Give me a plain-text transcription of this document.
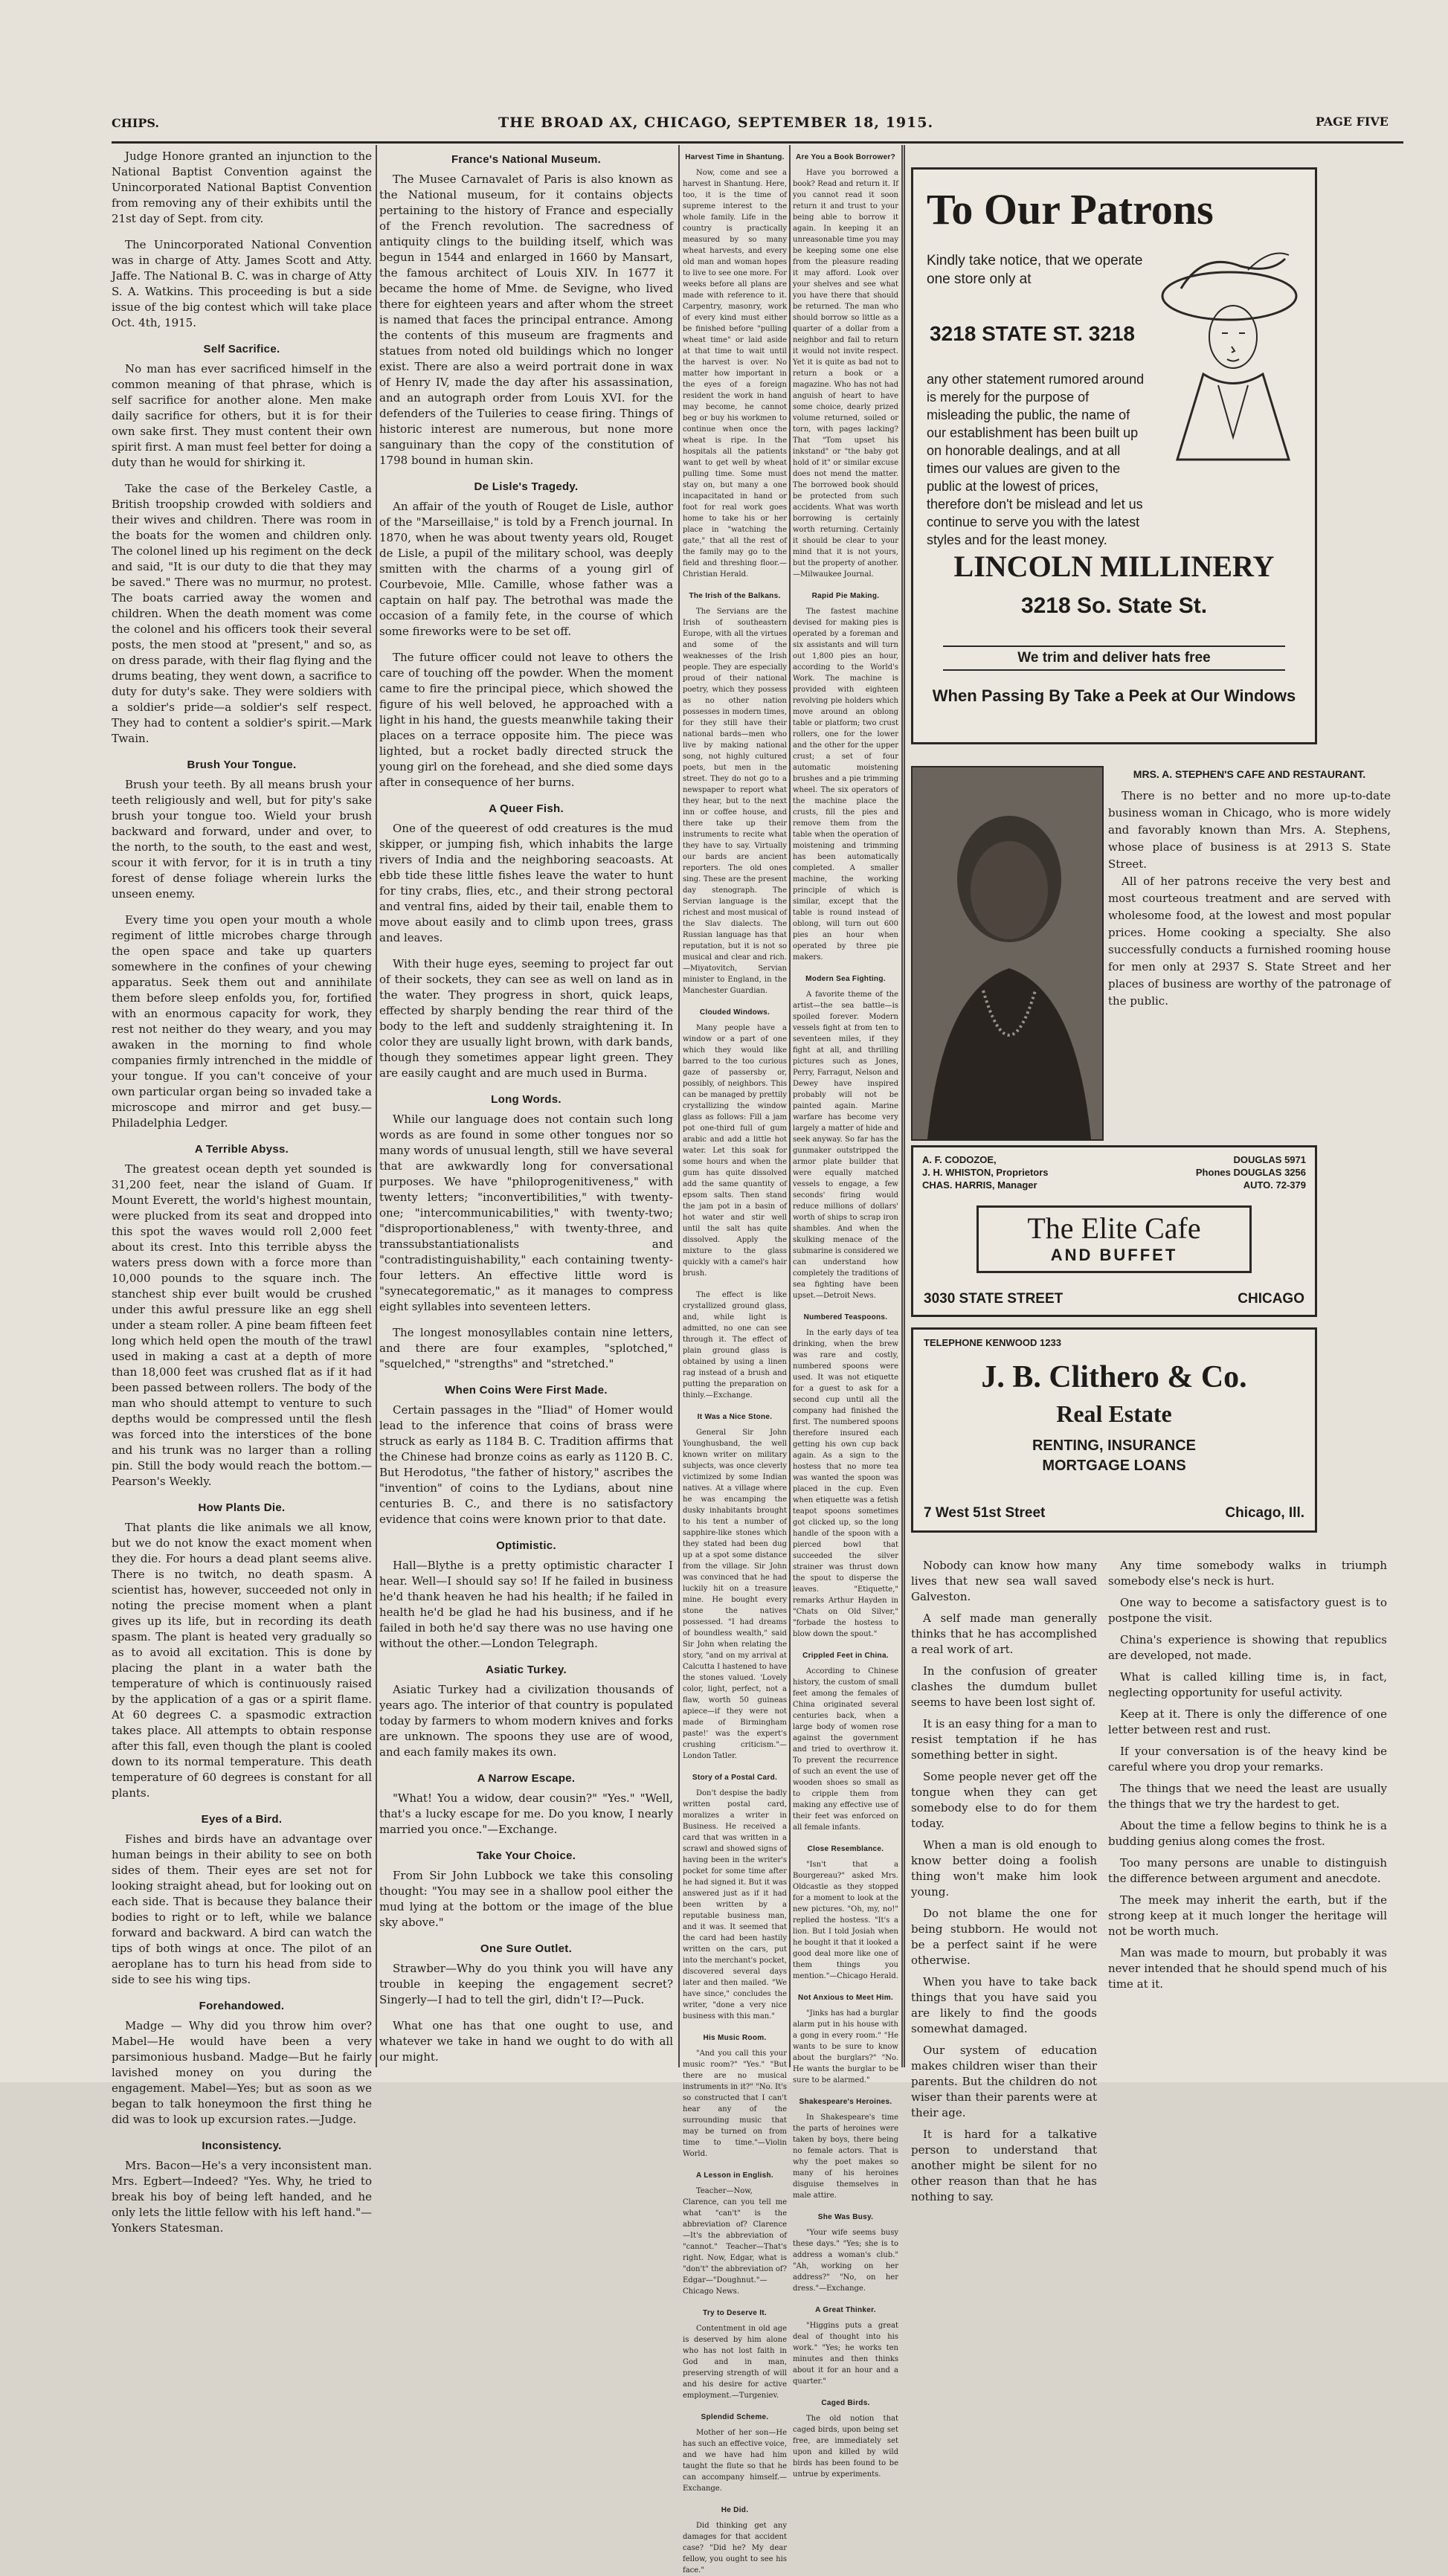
CHIPS.	THE BROAD AX, CHICAGO, SEPTEMBER 18, 1915.	PAGE FIVE

Judge Honore granted an injunction to the National Baptist Convention against the Unincorporated National Baptist Convention from removing any of their exhibits until the 21st day of Sept. from city.

The Unincorporated National Convention was in charge of Atty. James Scott and Atty. Jaffe. The National B. C. was in charge of Atty S. A. Watkins. This proceeding is but a side issue of the big contest which will take place Oct. 4th, 1915.

Self Sacrifice.

No man has ever sacrificed himself in the common meaning of that phrase, which is self sacrifice for another alone. Men make daily sacrifice for others, but it is for their own sake first. They must content their own spirit first. A man must feel better for doing a duty than he would for shirking it.

Take the case of the Berkeley Castle, a British troopship crowded with soldiers and their wives and children. There was room in the boats for the women and children only. The colonel lined up his regiment on the deck and said, "It is our duty to die that they may be saved." There was no murmur, no protest. The boats carried away the women and children. When the death moment was come the colonel and his officers took their several posts, the men stood at "present," and so, as on dress parade, with their flag flying and the drums beating, they went down, a sacrifice to duty for duty's sake. They were soldiers with a soldier's pride—a soldier's self respect. They had to content a soldier's spirit.—Mark Twain.

Brush Your Tongue.

Brush your teeth. By all means brush your teeth religiously and well, but for pity's sake brush your tongue too. Wield your brush backward and forward, under and over, to the north, to the south, to the east and west, scour it with fervor, for it is in truth a tiny forest of dense foliage wherein lurks the unseen enemy.

Every time you open your mouth a whole regiment of little microbes charge through the open space and take up quarters somewhere in the confines of your chewing apparatus. Seek them out and annihilate them before sleep enfolds you, for, fortified with an enormous capacity for work, they rest not neither do they weary, and you may awaken in the morning to find whole companies firmly intrenched in the middle of your tongue. If you can't conceive of your own particular organ being so invaded take a microscope and mirror and get busy.—Philadelphia Ledger.

A Terrible Abyss.

The greatest ocean depth yet sounded is 31,200 feet, near the island of Guam. If Mount Everett, the world's highest mountain, were plucked from its seat and dropped into this spot the waves would roll 2,000 feet about its crest. Into this terrible abyss the waters press down with a force more than 10,000 pounds to the square inch. The stanchest ship ever built would be crushed under this awful pressure like an egg shell under a steam roller. A pine beam fifteen feet long which held open the mouth of the trawl used in making a cast at a depth of more than 18,000 feet was crushed flat as if it had been passed between rollers. The body of the man who should attempt to venture to such depths would be compressed until the flesh was forced into the interstices of the bone and his trunk was no larger than a rolling pin. Still the body would reach the bottom.—Pearson's Weekly.

How Plants Die.

That plants die like animals we all know, but we do not know the exact moment when they die. For hours a dead plant seems alive. There is no twitch, no death spasm. A scientist has, however, succeeded not only in noting the precise moment when a plant gives up its life, but in recording its death spasm. The plant is heated very gradually so as to avoid all excitation. This is done by placing the plant in a water bath the temperature of which is continuously raised by the application of a gas or a spirit flame. At 60 degrees C. a spasmodic extraction takes place. All attempts to obtain response after this fall, even though the plant is cooled down to its normal temperature. This death temperature of 60 degrees is constant for all plants.

Eyes of a Bird.

Fishes and birds have an advantage over human beings in their ability to see on both sides of them. Their eyes are set not for looking straight ahead, but for looking out on each side. That is because they balance their bodies to right or to left, while we balance forward and backward. A bird can watch the tips of both wings at once. The pilot of an aeroplane has to turn his head from side to side to see his wing tips.

Forehandowed.

Madge — Why did you throw him over? Mabel—He would have been a very parsimonious husband. Madge—But he fairly lavished money on you during the engagement. Mabel—Yes; but as soon as we began to talk honeymoon the first thing he did was to look up excursion rates.—Judge.

Inconsistency.

Mrs. Bacon—He's a very inconsistent man. Mrs. Egbert—Indeed? "Yes. Why, he tried to break his boy of being left handed, and he only lets the little fellow with his left hand."—Yonkers Statesman.

France's National Museum.

The Musee Carnavalet of Paris is also known as the National museum, for it contains objects pertaining to the history of France and especially of the French revolution. The sacredness of antiquity clings to the building itself, which was begun in 1544 and enlarged in 1660 by Mansart, the famous architect of Louis XIV. In 1677 it became the home of Mme. de Sevigne, who lived there for eighteen years and after whom the street is named that faces the principal entrance. Among the contents of this museum are fragments and statues from noted old buildings which no longer exist. There are also a weird portrait done in wax of Henry IV, made the day after his assassination, and an autograph order from Louis XVI. for the defenders of the Tuileries to cease firing. Things of historic interest are numerous, but none more sanguinary than the copy of the constitution of 1798 bound in human skin.

De Lisle's Tragedy.

An affair of the youth of Rouget de Lisle, author of the "Marseillaise," is told by a French journal. In 1870, when he was about twenty years old, Rouget de Lisle, a pupil of the military school, was deeply smitten with the charms of a young girl of Courbevoie, Mlle. Camille, whose father was a captain on half pay. The betrothal was made the occasion of a family fete, in the course of which some fireworks were to be set off.

The future officer could not leave to others the care of touching off the powder. When the moment came to fire the principal piece, which showed the figure of his well beloved, he approached with a light in his hand, the guests meanwhile taking their places on a terrace opposite him. The piece was lighted, but a rocket badly directed struck the young girl on the forehead, and she died some days after in consequence of her burns.

A Queer Fish.

One of the queerest of odd creatures is the mud skipper, or jumping fish, which inhabits the large rivers of India and the neighboring seacoasts. At ebb tide these little fishes leave the water to hunt for tiny crabs, flies, etc., and their strong pectoral and ventral fins, aided by their tail, enable them to move about easily and to climb upon trees, grass and leaves.

With their huge eyes, seeming to project far out of their sockets, they can see as well on land as in the water. They progress in short, quick leaps, effected by sharply bending the rear third of the body to the left and suddenly straightening it. In color they are usually light brown, with dark bands, though they sometimes appear light green. They are easily caught and are much used in Burma.

Long Words.

While our language does not contain such long words as are found in some other tongues nor so many words of unusual length, still we have several that are awkwardly long for conversational purposes. We have "philoprogenitiveness," with twenty letters; "inconvertibilities," with twenty-one; "intercommunicabilities," with twenty-two; "disproportionableness," with twenty-three, and transsubstantiationalists and "contradistinguishability," each containing twenty-four letters. An effective little word is "synecategorematic," as it manages to compress eight syllables into seventeen letters.

The longest monosyllables contain nine letters, and there are four examples, "splotched," "squelched," "strengths" and "stretched."

When Coins Were First Made.

Certain passages in the "Iliad" of Homer would lead to the inference that coins of brass were struck as early as 1184 B. C. Tradition affirms that the Chinese had bronze coins as early as 1120 B. C. But Herodotus, "the father of history," ascribes the "invention" of coins to the Lydians, about nine centuries B. C., and there is no satisfactory evidence that coins were known prior to that date.

Optimistic.

Hall—Blythe is a pretty optimistic character I hear. Well—I should say so! If he failed in business he'd thank heaven he had his health; if he failed in health he'd be glad he had his business, and if he failed in both he'd say there was no use having one without the other.—London Telegraph.

Asiatic Turkey.

Asiatic Turkey had a civilization thousands of years ago. The interior of that country is populated today by farmers to whom modern knives and forks are unknown. The spoons they use are of wood, and each family makes its own.

A Narrow Escape.

"What! You a widow, dear cousin?" "Yes." "Well, that's a lucky escape for me. Do you know, I nearly married you once."—Exchange.

Take Your Choice.

From Sir John Lubbock we take this consoling thought: "You may see in a shallow pool either the mud lying at the bottom or the image of the blue sky above."

One Sure Outlet.

Strawber—Why do you think you will have any trouble in keeping the engagement secret? Singerly—I had to tell the girl, didn't I?—Puck.

What one has that one ought to use, and whatever we take in hand we ought to do with all our might.

To Our Patrons
Kindly take notice, that we operate one store only at
3218 STATE ST. 3218
any other statement rumored around is merely for the purpose of misleading the public, the name of our establishment has been built up on honorable dealings, and at all times our values are given to the public at the lowest of prices, therefore don't be mislead and let us continue to serve you with the latest styles and for the least money.
LINCOLN MILLINERY
3218 So. State St.
We trim and deliver hats free
When Passing By Take a Peek at Our Windows
MRS. A. STEPHEN'S CAFE AND RESTAURANT.

There is no better and no more up-to-date business woman in Chicago, who is more widely and favorably known than Mrs. A. Stephens, whose place of business is at 2913 S. State Street.

All of her patrons receive the very best and most courteous treatment and are served with wholesome food, at the lowest and most popular prices. Home cooking a specialty. She also successfully conducts a furnished rooming house for men only at 2937 S. State Street and her places of business are worthy of the patronage of the public.

A. F. CODOZOE,
J. H. WHISTON, Proprietors
CHAS. HARRIS, Manager
DOUGLAS 5971
Phones DOUGLAS 3256
AUTO. 72-379
The Elite Cafe
AND BUFFET
3030 STATE STREET	CHICAGO
TELEPHONE KENWOOD 1233
J. B. Clithero & Co.
Real Estate
RENTING, INSURANCE
MORTGAGE LOANS
7 West 51st Street	Chicago, Ill.

Nobody can know how many lives that new sea wall saved Galveston.

A self made man generally thinks that he has accomplished a real work of art.

In the confusion of greater clashes the dumdum bullet seems to have been lost sight of.

It is an easy thing for a man to resist temptation if he has something better in sight.

Some people never get off the tongue when they can get somebody else to do for them today.

When a man is old enough to know better doing a foolish thing won't make him look young.

Do not blame the one for being stubborn. He would not be a perfect saint if he were otherwise.

When you have to take back things that you have said you are likely to find the goods somewhat damaged.

Our system of education makes children wiser than their parents. But the children do not wiser than their parents were at their age.

It is hard for a talkative person to understand that another might be silent for no other reason than that he has nothing to say.

Any time somebody walks in triumph somebody else's neck is hurt.

One way to become a satisfactory guest is to postpone the visit.

China's experience is showing that republics are developed, not made.

What is called killing time is, in fact, neglecting opportunity for useful activity.

Keep at it. There is only the difference of one letter between rest and rust.

If your conversation is of the heavy kind be careful where you drop your remarks.

The things that we need the least are usually the things that we try the hardest to get.

About the time a fellow begins to think he is a budding genius along comes the frost.

Too many persons are unable to distinguish the difference between argument and anecdote.

The meek may inherit the earth, but if the strong keep at it much longer the heritage will not be worth much.

Man was made to mourn, but probably it was never intended that he should spend much of his time at it.

Harvest Time in Shantung.

Now, come and see a harvest in Shantung. Here, too, it is the time of supreme interest to the whole family. Life in the country is practically measured by so many wheat harvests, and every old man and woman hopes to live to see one more. For weeks before all plans are made with reference to it. Carpentry, masonry, work of every kind must either be finished before "pulling wheat time" or laid aside at that time to wait until the harvest is over. No matter how important in the eyes of a foreign resident the work in hand may become, he cannot beg or buy his workmen to continue when once the wheat is ripe. In the hospitals all the patients want to get well by wheat pulling time. Some must stay on, but many a one incapacitated in hand or foot for real work goes home to take his or her place in "watching the gate," that all the rest of the family may go to the field and threshing floor.—Christian Herald.

The Irish of the Balkans.

The Servians are the Irish of southeastern Europe, with all the virtues and some of the weaknesses of the Irish people. They are especially proud of their national poetry, which they possess as no other nation possesses in modern times, for they still have their national bards—men who live by making national song, not highly cultured poets, but men in the street. They do not go to a newspaper to report what they hear, but to the next inn or coffee house, and there take up their instruments to recite what they have to say. Virtually our bards are ancient reporters. The old ones sing. These are the present day stenograph. The Servian language is the richest and most musical of the Slav dialects. The Russian language has that reputation, but it is not so musical and clear and rich.—Miyatovitch, Servian minister to England, in the Manchester Guardian.

Clouded Windows.

Many people have a window or a part of one which they would like barred to the too curious gaze of passersby or, possibly, of neighbors. This can be managed by prettily crystallizing the window glass as follows: Fill a jam pot one-third full of gum arabic and add a little hot water. Let this soak for some hours and when the gum has quite dissolved add the same quantity of epsom salts. Then stand the jam pot in a basin of hot water and stir well until the salt has quite dissolved. Apply the mixture to the glass quickly with a camel's hair brush.

The effect is like crystallized ground glass, and, while light is admitted, no one can see through it. The effect of plain ground glass is obtained by using a linen rag instead of a brush and putting the preparation on thinly.—Exchange.

It Was a Nice Stone.

General Sir John Younghusband, the well known writer on military subjects, was once cleverly victimized by some Indian natives. At a village where he was encamping the dusky inhabitants brought to his tent a number of sapphire-like stones which they stated had been dug up at a spot some distance from the village. Sir John was convinced that he had luckily hit on a treasure mine. He bought every stone the natives possessed. "I had dreams of boundless wealth," said Sir John when relating the story, "and on my arrival at Calcutta I hastened to have the stones valued. 'Lovely color, light, perfect, not a flaw, worth 50 guineas apiece—if they were not made of Birmingham paste!' was the expert's crushing criticism."—London Tatler.

Story of a Postal Card.

Don't despise the badly written postal card, moralizes a writer in Business. He received a card that was written in a scrawl and showed signs of having been in the writer's pocket for some time after he had signed it. But it was answered just as if it had been written by a reputable business man, and it was. It seemed that the card had been hastily written on the cars, put into the merchant's pocket, discovered several days later and then mailed. "We have since," concludes the writer, "done a very nice business with this man."

His Music Room.

"And you call this your music room?" "Yes." "But there are no musical instruments in it?" "No. It's so constructed that I can't hear any of the surrounding music that may be turned on from time to time."—Violin World.

A Lesson in English.

Teacher—Now, Clarence, can you tell me what "can't" is the abbreviation of? Clarence—It's the abbreviation of "cannot." Teacher—That's right. Now, Edgar, what is "don't" the abbreviation of? Edgar—"Doughnut."—Chicago News.

Try to Deserve It.

Contentment in old age is deserved by him alone who has not lost faith in God and in man, preserving strength of will and his desire for active employment.—Turgeniev.

Splendid Scheme.

Mother of her son—He has such an effective voice, and we have had him taught the flute so that he can accompany himself.—Exchange.

He Did.

Did thinking get any damages for that accident case? "Did he? My dear fellow, you ought to see his face."

Are You a Book Borrower?

Have you borrowed a book? Read and return it. If you cannot read it soon return it and trust to your being able to borrow it again. In keeping it an unreasonable time you may be keeping some one else from the pleasure reading it may afford. Look over your shelves and see what you have there that should be returned. The man who should borrow so little as a quarter of a dollar from a neighbor and fail to return it would not invite respect. Yet it is quite as bad not to return a book or a magazine. Who has not had anguish of heart to have some choice, dearly prized volume returned, soiled or torn, with pages lacking? That "Tom upset his inkstand" or "the baby got hold of it" or similar excuse does not mend the matter. The borrowed book should be protected from such accidents. What was worth borrowing is certainly worth returning. Certainly it should be clear to your mind that it is not yours, but the property of another.—Milwaukee Journal.

Rapid Pie Making.

The fastest machine devised for making pies is operated by a foreman and six assistants and will turn out 1,800 pies an hour, according to the World's Work. The machine is provided with eighteen revolving pie holders which move around an oblong table or platform; two crust rollers, one for the lower and the other for the upper crust; a set of four automatic moistening brushes and a pie trimming wheel. The six operators of the machine place the crusts, fill the pies and remove them from the table when the operation of moistening and trimming has been automatically completed. A smaller machine, the working principle of which is similar, except that the table is round instead of oblong, will turn out 600 pies an hour when operated by three pie makers.

Modern Sea Fighting.

A favorite theme of the artist—the sea battle—is spoiled forever. Modern vessels fight at from ten to seventeen miles, if they fight at all, and thrilling pictures such as Jones, Perry, Farragut, Nelson and Dewey have inspired probably will not be painted again. Marine warfare has become very largely a matter of hide and seek anyway. So far has the gunmaker outstripped the armor plate builder that were equally matched vessels to engage, a few seconds' firing would reduce millions of dollars' worth of ships to scrap iron shambles. And when the skulking menace of the submarine is considered we can understand how completely the traditions of sea fighting have been upset.—Detroit News.

Numbered Teaspoons.

In the early days of tea drinking, when the brew was rare and costly, numbered spoons were used. It was not etiquette for a guest to ask for a second cup until all the company had finished the first. The numbered spoons therefore insured each getting his own cup back again. As a sign to the hostess that no more tea was wanted the spoon was placed in the cup. Even when etiquette was a fetish teapot spoons sometimes got clicked up, so the long handle of the spoon with a pierced bowl that succeeded the silver strainer was thrust down the spout to disperse the leaves. "Etiquette," remarks Arthur Hayden in "Chats on Old Silver," "forbade the hostess to blow down the spout."

Crippled Feet in China.

According to Chinese history, the custom of small feet among the females of China originated several centuries back, when a large body of women rose against the government and tried to overthrow it. To prevent the recurrence of such an event the use of wooden shoes so small as to cripple them from making any effective use of their feet was enforced on all female infants.

Close Resemblance.

"Isn't that a Bourgereau?" asked Mrs. Oldcastle as they stopped for a moment to look at the new pictures. "Oh, my, no!" replied the hostess. "It's a lion. But I told Josiah when he bought it that it looked a good deal more like one of them things you mention."—Chicago Herald.

Not Anxious to Meet Him.

"Jinks has had a burglar alarm put in his house with a gong in every room." "He wants to be sure to know about the burglars?" "No. He wants the burglar to be sure to be alarmed."

Shakespeare's Heroines.

In Shakespeare's time the parts of heroines were taken by boys, there being no female actors. That is why the poet makes so many of his heroines disguise themselves in male attire.

She Was Busy.

"Your wife seems busy these days." "Yes; she is to address a woman's club." "Ah, working on her address?" "No, on her dress."—Exchange.

A Great Thinker.

"Higgins puts a great deal of thought into his work." "Yes; he works ten minutes and then thinks about it for an hour and a quarter."

Caged Birds.

The old notion that caged birds, upon being set free, are immediately set upon and killed by wild birds has been found to be untrue by experiments.
